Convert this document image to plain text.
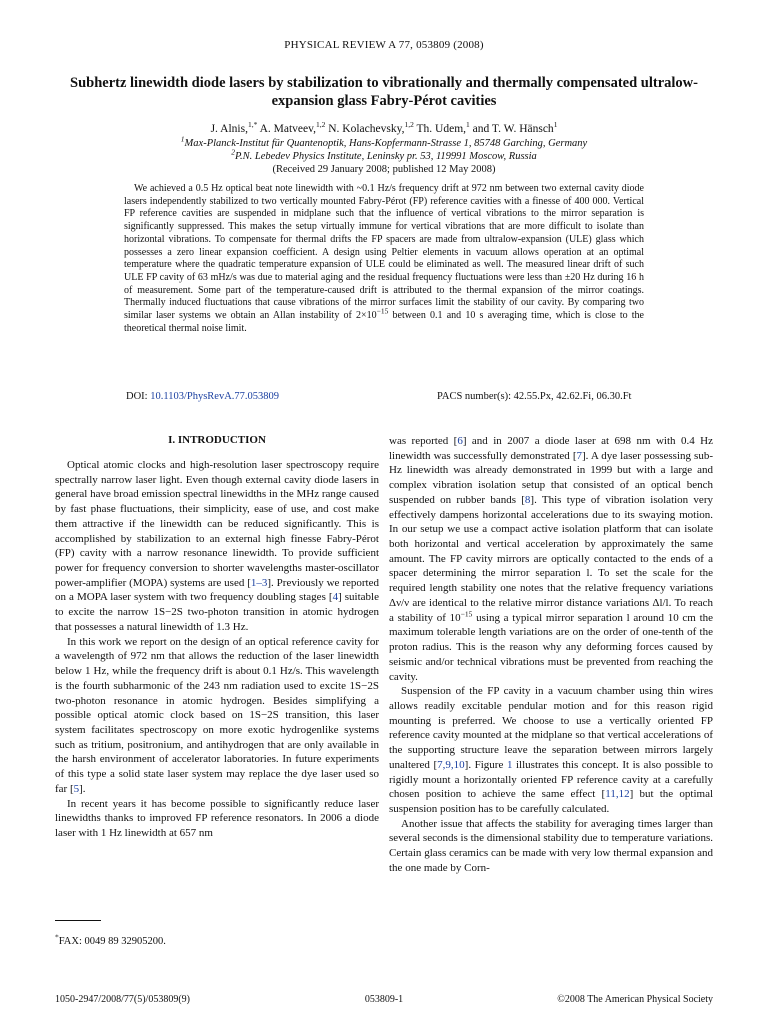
PHYSICAL REVIEW A 77, 053809 (2008)
Subhertz linewidth diode lasers by stabilization to vibrationally and thermally compensated ultralow-expansion glass Fabry-Pérot cavities
J. Alnis,$^{1,*}$ A. Matveev,$^{1,2}$ N. Kolachevsky,$^{1,2}$ Th. Udem,$^1$ and T. W. Hänsch$^1$
$^1$Max-Planck-Institut für Quantenoptik, Hans-Kopfermann-Strasse 1, 85748 Garching, Germany
$^2$P.N. Lebedev Physics Institute, Leninsky pr. 53, 119991 Moscow, Russia
(Received 29 January 2008; published 12 May 2008)
We achieved a 0.5 Hz optical beat note linewidth with ~0.1 Hz/s frequency drift at 972 nm between two external cavity diode lasers independently stabilized to two vertically mounted Fabry-Pérot (FP) reference cavities with a finesse of 400 000. Vertical FP reference cavities are suspended in midplane such that the influence of vertical vibrations to the mirror separation is significantly suppressed. This makes the setup virtually immune for vertical vibrations that are more difficult to isolate than horizontal vibrations. To compensate for thermal drifts the FP spacers are made from ultralow-expansion (ULE) glass which possesses a zero linear expansion coefficient. A design using Peltier elements in vacuum allows operation at an optimal temperature where the quadratic temperature expansion of ULE could be eliminated as well. The measured linear drift of such ULE FP cavity of 63 mHz/s was due to material aging and the residual frequency fluctuations were less than ±20 Hz during 16 h of measurement. Some part of the temperature-caused drift is attributed to the thermal expansion of the mirror coatings. Thermally induced fluctuations that cause vibrations of the mirror surfaces limit the stability of our cavity. By comparing two similar laser systems we obtain an Allan instability of $2\times 10^{-15}$ between 0.1 and 10 s averaging time, which is close to the theoretical thermal noise limit.
DOI: 10.1103/PhysRevA.77.053809	PACS number(s): 42.55.Px, 42.62.Fi, 06.30.Ft
I. INTRODUCTION

Optical atomic clocks and high-resolution laser spectroscopy require spectrally narrow laser light. Even though external cavity diode lasers in general have broad emission spectral linewidths in the MHz range caused by fast phase fluctuations, their simplicity, ease of use, and cost make them attractive if the linewidth can be reduced significantly. This is accomplished by stabilization to an external high finesse Fabry-Pérot (FP) cavity with a narrow resonance linewidth. To provide sufficient power for frequency conversion to shorter wavelengths master-oscillator power-amplifier (MOPA) systems are used [1–3]. Previously we reported on a MOPA laser system with two frequency doubling stages [4] suitable to excite the narrow 1S−2S two-photon transition in atomic hydrogen that possesses a natural linewidth of 1.3 Hz.

In this work we report on the design of an optical reference cavity for a wavelength of 972 nm that allows the reduction of the laser linewidth below 1 Hz, while the frequency drift is about 0.1 Hz/s. This wavelength is the fourth subharmonic of the 243 nm radiation used to excite 1S−2S two-photon resonance in atomic hydrogen. Besides simplifying a possible optical atomic clock based on 1S−2S transition, this laser system facilitates spectroscopy on more exotic hydrogenlike systems such as tritium, positronium, and antihydrogen that are only available in the harsh environment of accelerator laboratories. In future experiments of this type a solid state laser system may replace the dye laser used so far [5].

In recent years it has become possible to significantly reduce laser linewidths thanks to improved FP reference resonators. In 2006 a diode laser with 1 Hz linewidth at 657 nm

was reported [6] and in 2007 a diode laser at 698 nm with 0.4 Hz linewidth was successfully demonstrated [7]. A dye laser possessing sub-Hz linewidth was already demonstrated in 1999 but with a large and complex vibration isolation setup that consisted of an optical bench suspended on rubber bands [8]. This type of vibration isolation very effectively dampens horizontal accelerations due to its swaying motion. In our setup we use a compact active isolation platform that can isolate both horizontal and vertical acceleration by approximately the same amount. The FP cavity mirrors are optically contacted to the ends of a spacer determining the mirror separation l. To set the scale for the required length stability one notes that the relative frequency variations Δν/ν are identical to the relative mirror distance variations Δl/l. To reach a stability of $10^{-15}$ using a typical mirror separation l around 10 cm the maximum tolerable length variations are on the order of one-tenth of the proton radius. This is the reason why any deforming forces caused by seismic and/or technical vibrations must be prevented from reaching the cavity.

Suspension of the FP cavity in a vacuum chamber using thin wires allows readily excitable pendular motion and for this reason rigid mounting is preferred. We choose to use a vertically oriented FP reference cavity mounted at the midplane so that vertical accelerations of the supporting structure leave the separation between mirrors largely unaltered [7,9,10]. Figure 1 illustrates this concept. It is also possible to rigidly mount a horizontally oriented FP reference cavity at a carefully chosen position to achieve the same effect [11,12] but the optimal suspension position has to be carefully calculated.

Another issue that affects the stability for averaging times larger than several seconds is the dimensional stability due to temperature variations. Certain glass ceramics can be made with very low thermal expansion and the one made by Corn-

*FAX: 0049 89 32905200.
1050-2947/2008/77(5)/053809(9)	053809-1	©2008 The American Physical Society
